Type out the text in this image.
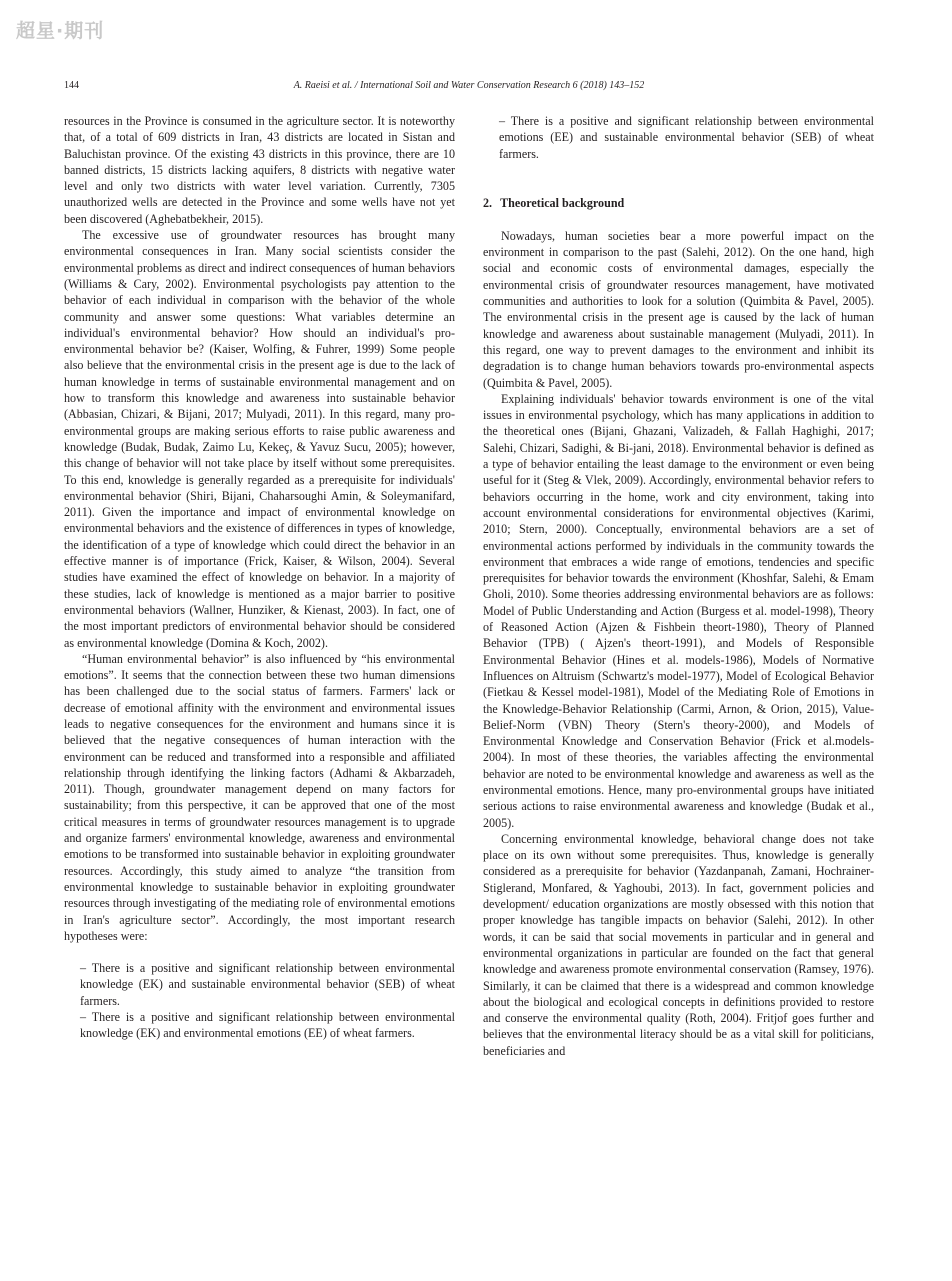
超星·期刊
144	A. Raeisi et al. / International Soil and Water Conservation Research 6 (2018) 143–152

resources in the Province is consumed in the agriculture sector. It is noteworthy that, of a total of 609 districts in Iran, 43 districts are located in Sistan and Baluchistan province. Of the existing 43 districts in this province, there are 10 banned districts, 15 districts lacking aquifers, 8 districts with negative water level and only two districts with water level variation. Currently, 7305 unauthorized wells are detected in the Province and some wells have not yet been discovered (Aghebatbekheir, 2015).

The excessive use of groundwater resources has brought many environmental consequences in Iran. Many social scientists consider the environmental problems as direct and indirect consequences of human behaviors (Williams & Cary, 2002). Environmental psychologists pay attention to the behavior of each individual in comparison with the behavior of the whole community and answer some questions: What variables determine an individual's environmental behavior? How should an individual's pro-environmental behavior be? (Kaiser, Wolfing, & Fuhrer, 1999) Some people also believe that the environmental crisis in the present age is due to the lack of human knowledge in terms of sustainable environmental management and on how to transform this knowledge and awareness into sustainable behavior (Abbasian, Chizari, & Bijani, 2017; Mulyadi, 2011). In this regard, many pro-environmental groups are making serious efforts to raise public awareness and knowledge (Budak, Budak, Zaimo Lu, Kekeç, & Yavuz Sucu, 2005); however, this change of behavior will not take place by itself without some prerequisites. To this end, knowledge is generally regarded as a prerequisite for individuals' environmental behavior (Shiri, Bijani, Chaharsoughi Amin, & Soleymanifard, 2011). Given the importance and impact of environmental knowledge on environmental behaviors and the existence of differences in types of knowledge, the identification of a type of knowledge which could direct the behavior in an effective manner is of importance (Frick, Kaiser, & Wilson, 2004). Several studies have examined the effect of knowledge on behavior. In a majority of these studies, lack of knowledge is mentioned as a major barrier to positive environmental behaviors (Wallner, Hunziker, & Kienast, 2003). In fact, one of the most important predictors of environmental behavior should be considered as environmental knowledge (Domina & Koch, 2002).

“Human environmental behavior” is also influenced by “his environmental emotions”. It seems that the connection between these two human dimensions has been challenged due to the social status of farmers. Farmers' lack or decrease of emotional affinity with the environment and environmental issues leads to negative consequences for the environment and humans since it is believed that the negative consequences of human interaction with the environment can be reduced and transformed into a responsible and affiliated relationship through identifying the linking factors (Adhami & Akbarzadeh, 2011). Though, groundwater management depend on many factors for sustainability; from this perspective, it can be approved that one of the most critical measures in terms of groundwater resources management is to upgrade and organize farmers' environmental knowledge, awareness and environmental emotions to be transformed into sustainable behavior in exploiting groundwater resources. Accordingly, this study aimed to analyze “the transition from environmental knowledge to sustainable behavior in exploiting groundwater resources through investigating of the mediating role of environmental emotions in Iran's agriculture sector”. Accordingly, the most important research hypotheses were:

– There is a positive and significant relationship between environmental knowledge (EK) and sustainable environmental behavior (SEB) of wheat farmers.
– There is a positive and significant relationship between environmental knowledge (EK) and environmental emotions (EE) of wheat farmers.
– There is a positive and significant relationship between environmental emotions (EE) and sustainable environmental behavior (SEB) of wheat farmers.
2. Theoretical background

Nowadays, human societies bear a more powerful impact on the environment in comparison to the past (Salehi, 2012). On the one hand, high social and economic costs of environmental damages, especially the environmental crisis of groundwater resources management, have motivated communities and authorities to look for a solution (Quimbita & Pavel, 2005). The environmental crisis in the present age is caused by the lack of human knowledge and awareness about sustainable management (Mulyadi, 2011). In this regard, one way to prevent damages to the environment and inhibit its degradation is to change human behaviors towards pro-environmental aspects (Quimbita & Pavel, 2005).

Explaining individuals' behavior towards environment is one of the vital issues in environmental psychology, which has many applications in addition to the theoretical ones (Bijani, Ghazani, Valizadeh, & Fallah Haghighi, 2017; Salehi, Chizari, Sadighi, & Bi-jani, 2018). Environmental behavior is defined as a type of behavior entailing the least damage to the environment or even being useful for it (Steg & Vlek, 2009). Accordingly, environmental behavior refers to behaviors occurring in the home, work and city environment, taking into account environmental considerations for environmental objectives (Karimi, 2010; Stern, 2000). Conceptually, environmental behaviors are a set of environmental actions performed by individuals in the community towards the environment that embraces a wide range of emotions, tendencies and specific prerequisites for behavior towards the environment (Khoshfar, Salehi, & Emam Gholi, 2010). Some theories addressing environmental behaviors are as follows: Model of Public Understanding and Action (Burgess et al. model-1998), Theory of Reasoned Action (Ajzen & Fishbein theort-1980), Theory of Planned Behavior (TPB) ( Ajzen's theort-1991), and Models of Responsible Environmental Behavior (Hines et al. models-1986), Models of Normative Influences on Altruism (Schwartz's model-1977), Model of Ecological Behavior (Fietkau & Kessel model-1981), Model of the Mediating Role of Emotions in the Knowledge-Behavior Relationship (Carmi, Arnon, & Orion, 2015), Value-Belief-Norm (VBN) Theory (Stern's theory-2000), and Models of Environmental Knowledge and Conservation Behavior (Frick et al.models-2004). In most of these theories, the variables affecting the environmental behavior are noted to be environmental knowledge and awareness as well as the environmental emotions. Hence, many pro-environmental groups have initiated serious actions to raise environmental awareness and knowledge (Budak et al., 2005).

Concerning environmental knowledge, behavioral change does not take place on its own without some prerequisites. Thus, knowledge is generally considered as a prerequisite for behavior (Yazdanpanah, Zamani, Hochrainer-Stiglerand, Monfared, & Yaghoubi, 2013). In fact, government policies and development/ education organizations are mostly obsessed with this notion that proper knowledge has tangible impacts on behavior (Salehi, 2012). In other words, it can be said that social movements in particular and in general and environmental organizations in particular are founded on the fact that general knowledge and awareness promote environmental conservation (Ramsey, 1976). Similarly, it can be claimed that there is a widespread and common knowledge about the biological and ecological concepts in definitions provided to restore and conserve the environmental quality (Roth, 2004). Fritjof goes further and believes that the environmental literacy should be as a vital skill for politicians, beneficiaries and
